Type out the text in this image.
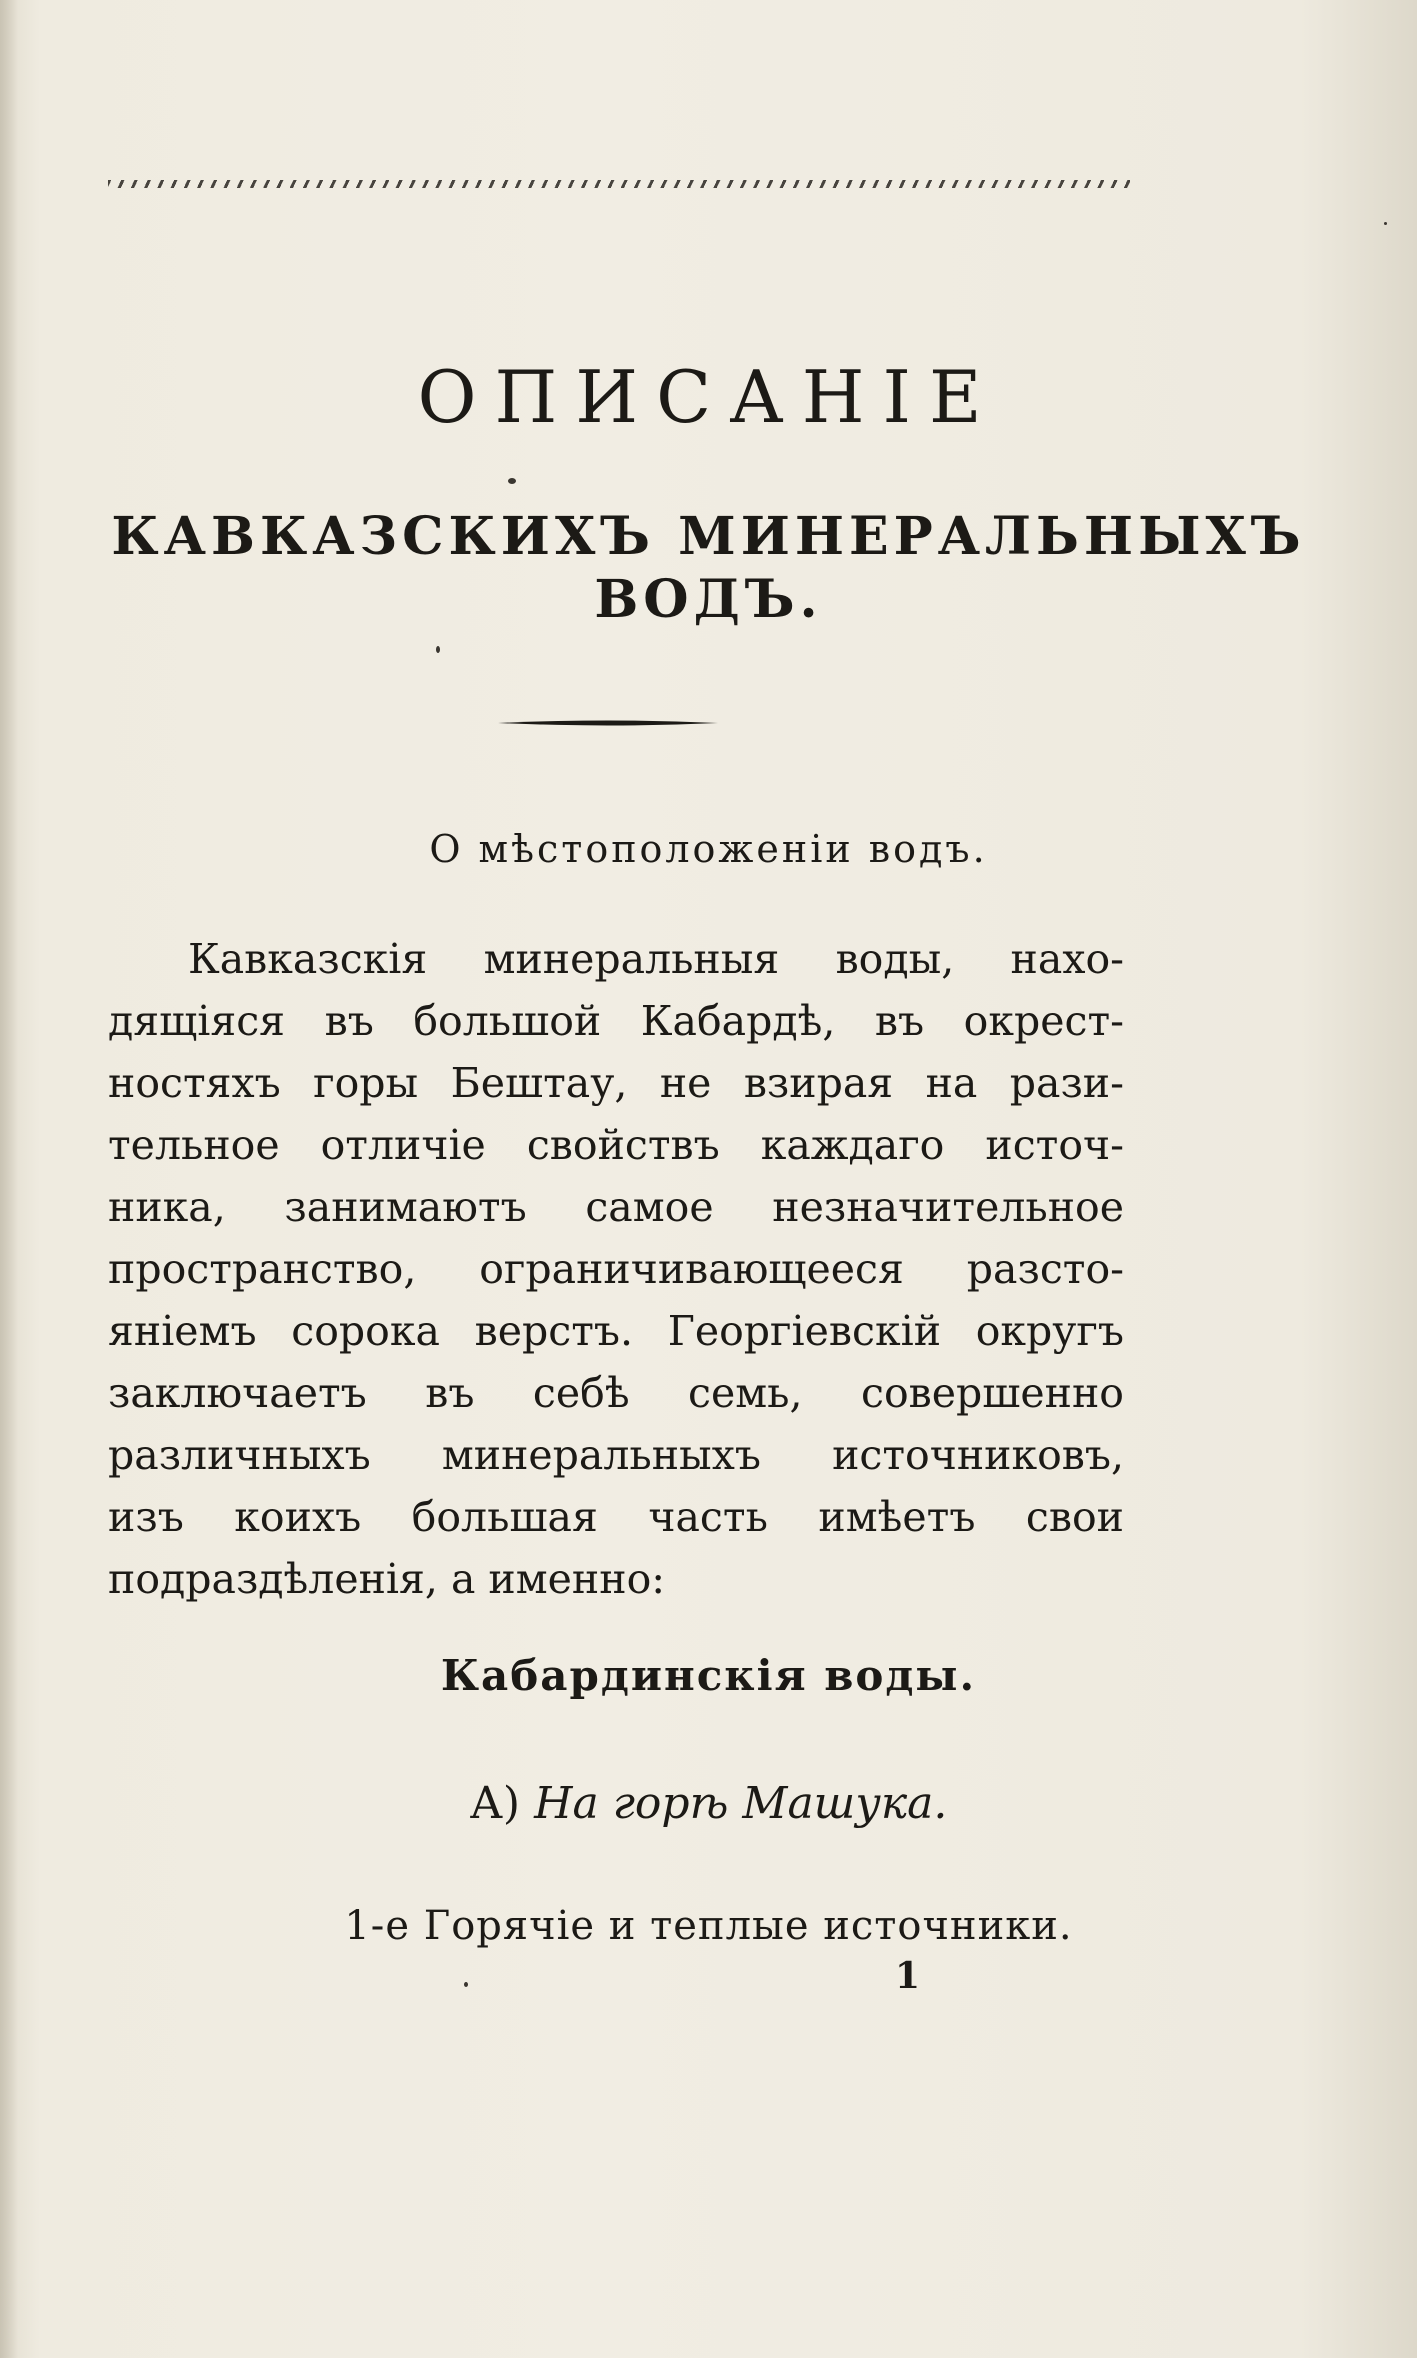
ОПИСАНIЕ
КАВКАЗСКИХЪ МИНЕРАЛЬНЫХЪ
ВОДЪ.
О мѣстоположенiи водъ.
Кавказскія минеральныя воды, нахо-
дящіяся въ большой Кабардѣ, въ окрест-
ностяхъ горы Бештау, не взирая на рази-
тельное отличіе свойствъ каждаго источ-
ника, занимаютъ самое незначительное
пространство, ограничивающееся разсто-
яніемъ сорока верстъ. Георгіевскій округъ
заключаетъ въ себѣ семь, совершенно
различныхъ минеральныхъ источниковъ,
изъ коихъ большая часть имѣетъ свои
подраздѣленія, а именно:
Кабардинскія воды.
А) На горѣ Машука.
1-е Горячіе и теплые источники.
1
